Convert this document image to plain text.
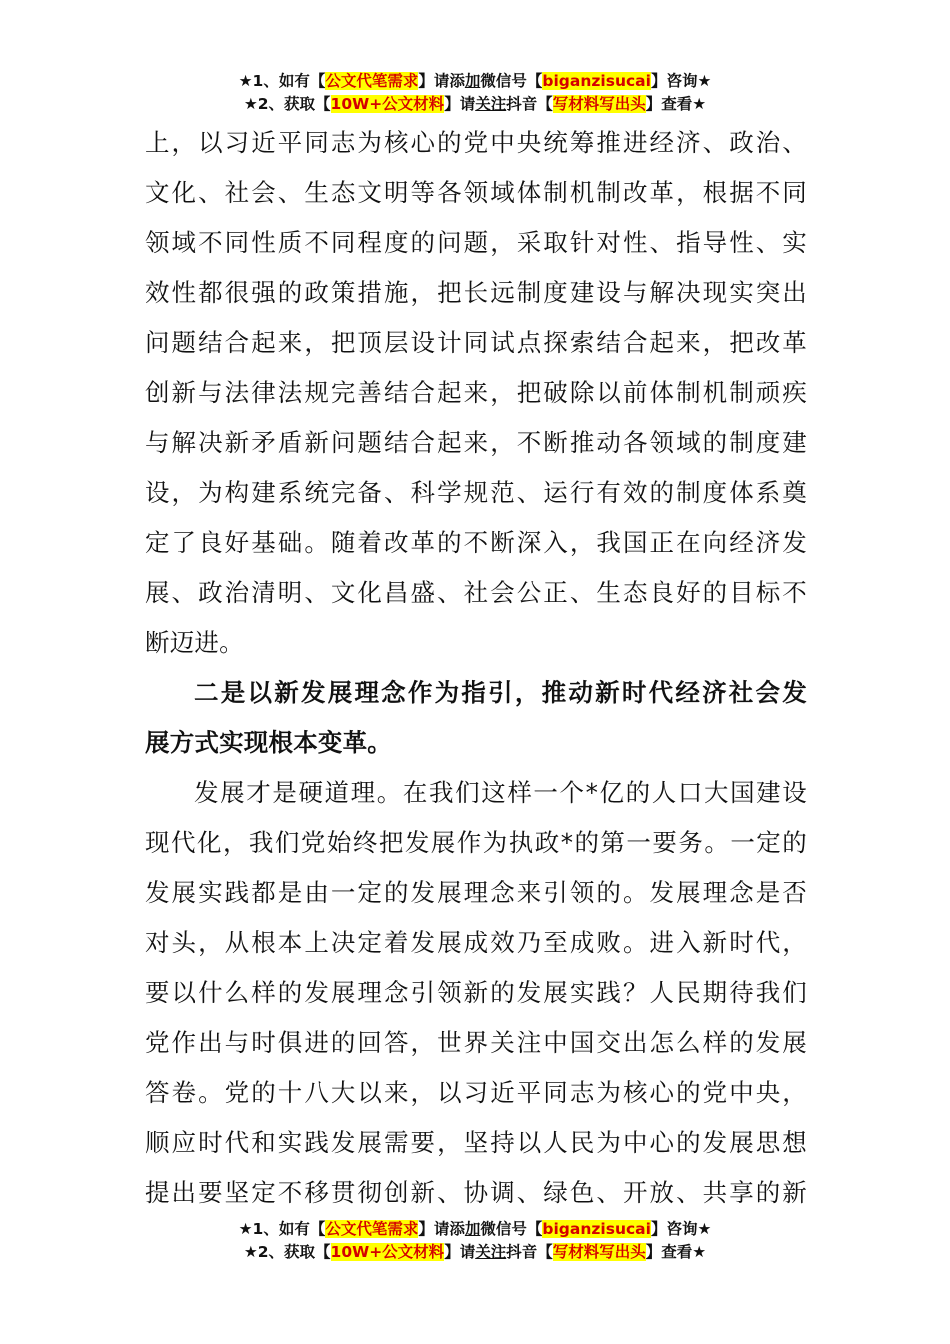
★1、如有【公文代笔需求】请添加微信号【biganzisucai】咨询★
★2、获取【10W+公文材料】请关注抖音【写材料写出头】查看★
上，以习近平同志为核心的党中央统筹推进经济、政治、
文化、社会、生态文明等各领域体制机制改革，根据不同
领域不同性质不同程度的问题，采取针对性、指导性、实
效性都很强的政策措施，把长远制度建设与解决现实突出
问题结合起来，把顶层设计同试点探索结合起来，把改革
创新与法律法规完善结合起来，把破除以前体制机制顽疾
与解决新矛盾新问题结合起来，不断推动各领域的制度建
设，为构建系统完备、科学规范、运行有效的制度体系奠
定了良好基础。随着改革的不断深入，我国正在向经济发
展、政治清明、文化昌盛、社会公正、生态良好的目标不
断迈进。
二是以新发展理念作为指引，推动新时代经济社会发
展方式实现根本变革。
发展才是硬道理。在我们这样一个*亿的人口大国建设
现代化，我们党始终把发展作为执政*的第一要务。一定的
发展实践都是由一定的发展理念来引领的。发展理念是否
对头，从根本上决定着发展成效乃至成败。进入新时代，
要以什么样的发展理念引领新的发展实践？人民期待我们
党作出与时俱进的回答，世界关注中国交出怎么样的发展
答卷。党的十八大以来，以习近平同志为核心的党中央，
顺应时代和实践发展需要，坚持以人民为中心的发展思想
提出要坚定不移贯彻创新、协调、绿色、开放、共享的新
★1、如有【公文代笔需求】请添加微信号【biganzisucai】咨询★
★2、获取【10W+公文材料】请关注抖音【写材料写出头】查看★
